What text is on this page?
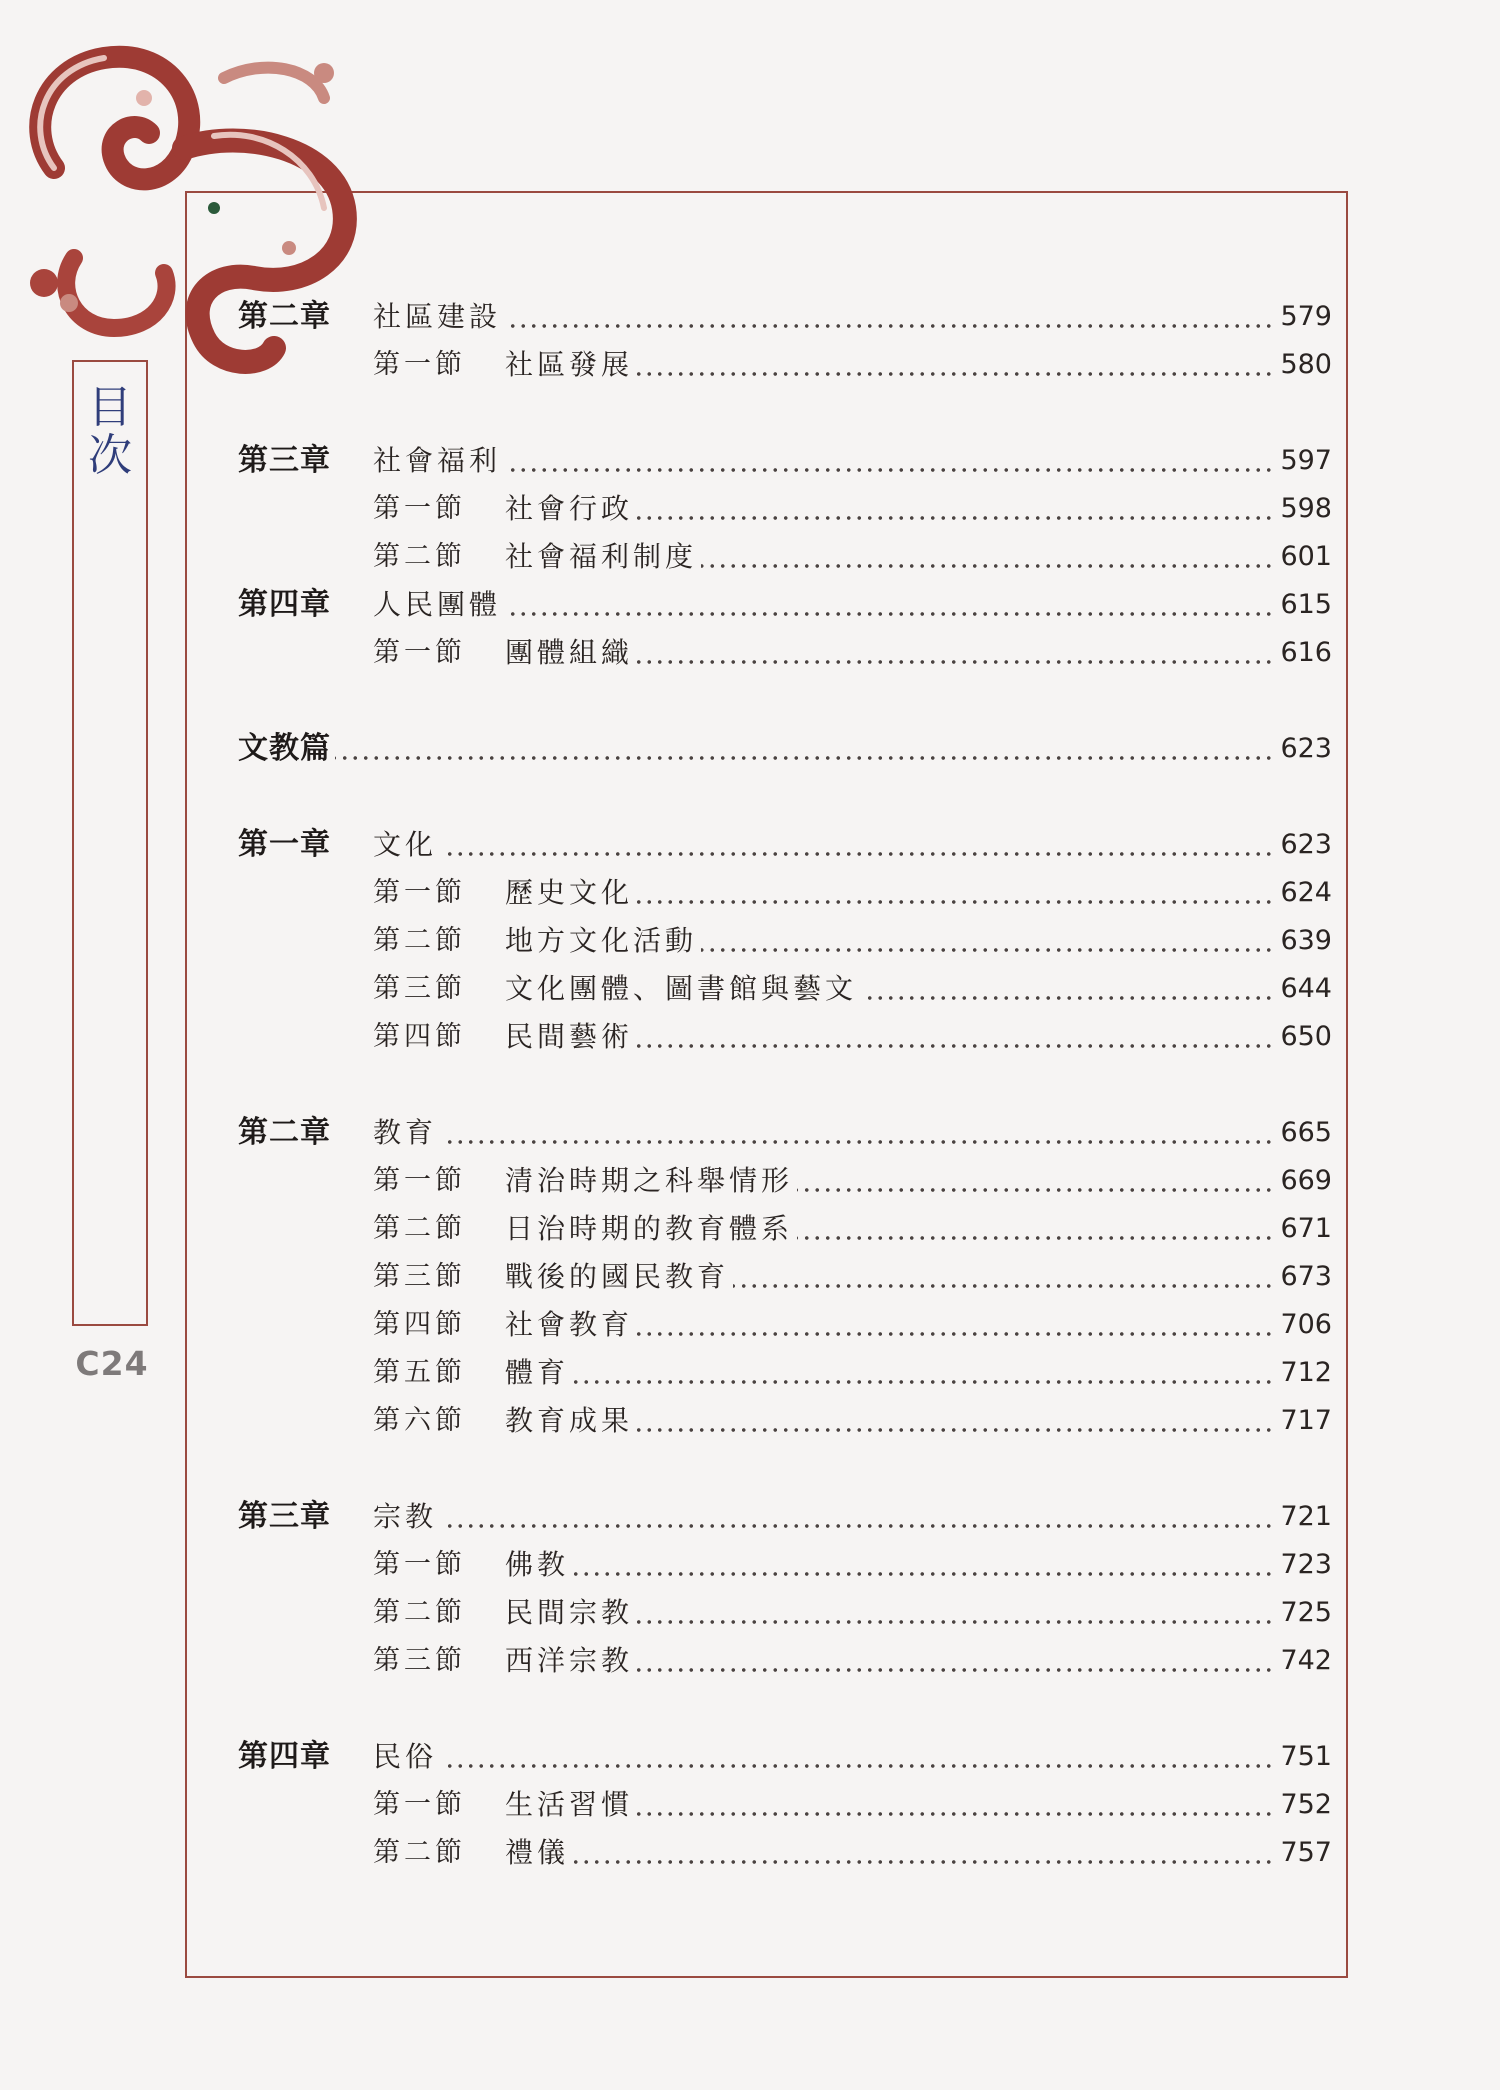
目
次
C24
第二章 社區建設	579
第一節 社區發展	580
第三章 社會福利	597
第一節 社會行政	598
第二節 社會福利制度	601
第四章 人民團體	615
第一節 團體組織	616
文教篇	623
第一章 文化	623
第一節 歷史文化	624
第二節 地方文化活動	639
第三節 文化團體、圖書館與藝文	644
第四節 民間藝術	650
第二章 教育	665
第一節 清治時期之科舉情形	669
第二節 日治時期的教育體系	671
第三節 戰後的國民教育	673
第四節 社會教育	706
第五節 體育	712
第六節 教育成果	717
第三章 宗教	721
第一節 佛教	723
第二節 民間宗教	725
第三節 西洋宗教	742
第四章 民俗	751
第一節 生活習慣	752
第二節 禮儀	757
